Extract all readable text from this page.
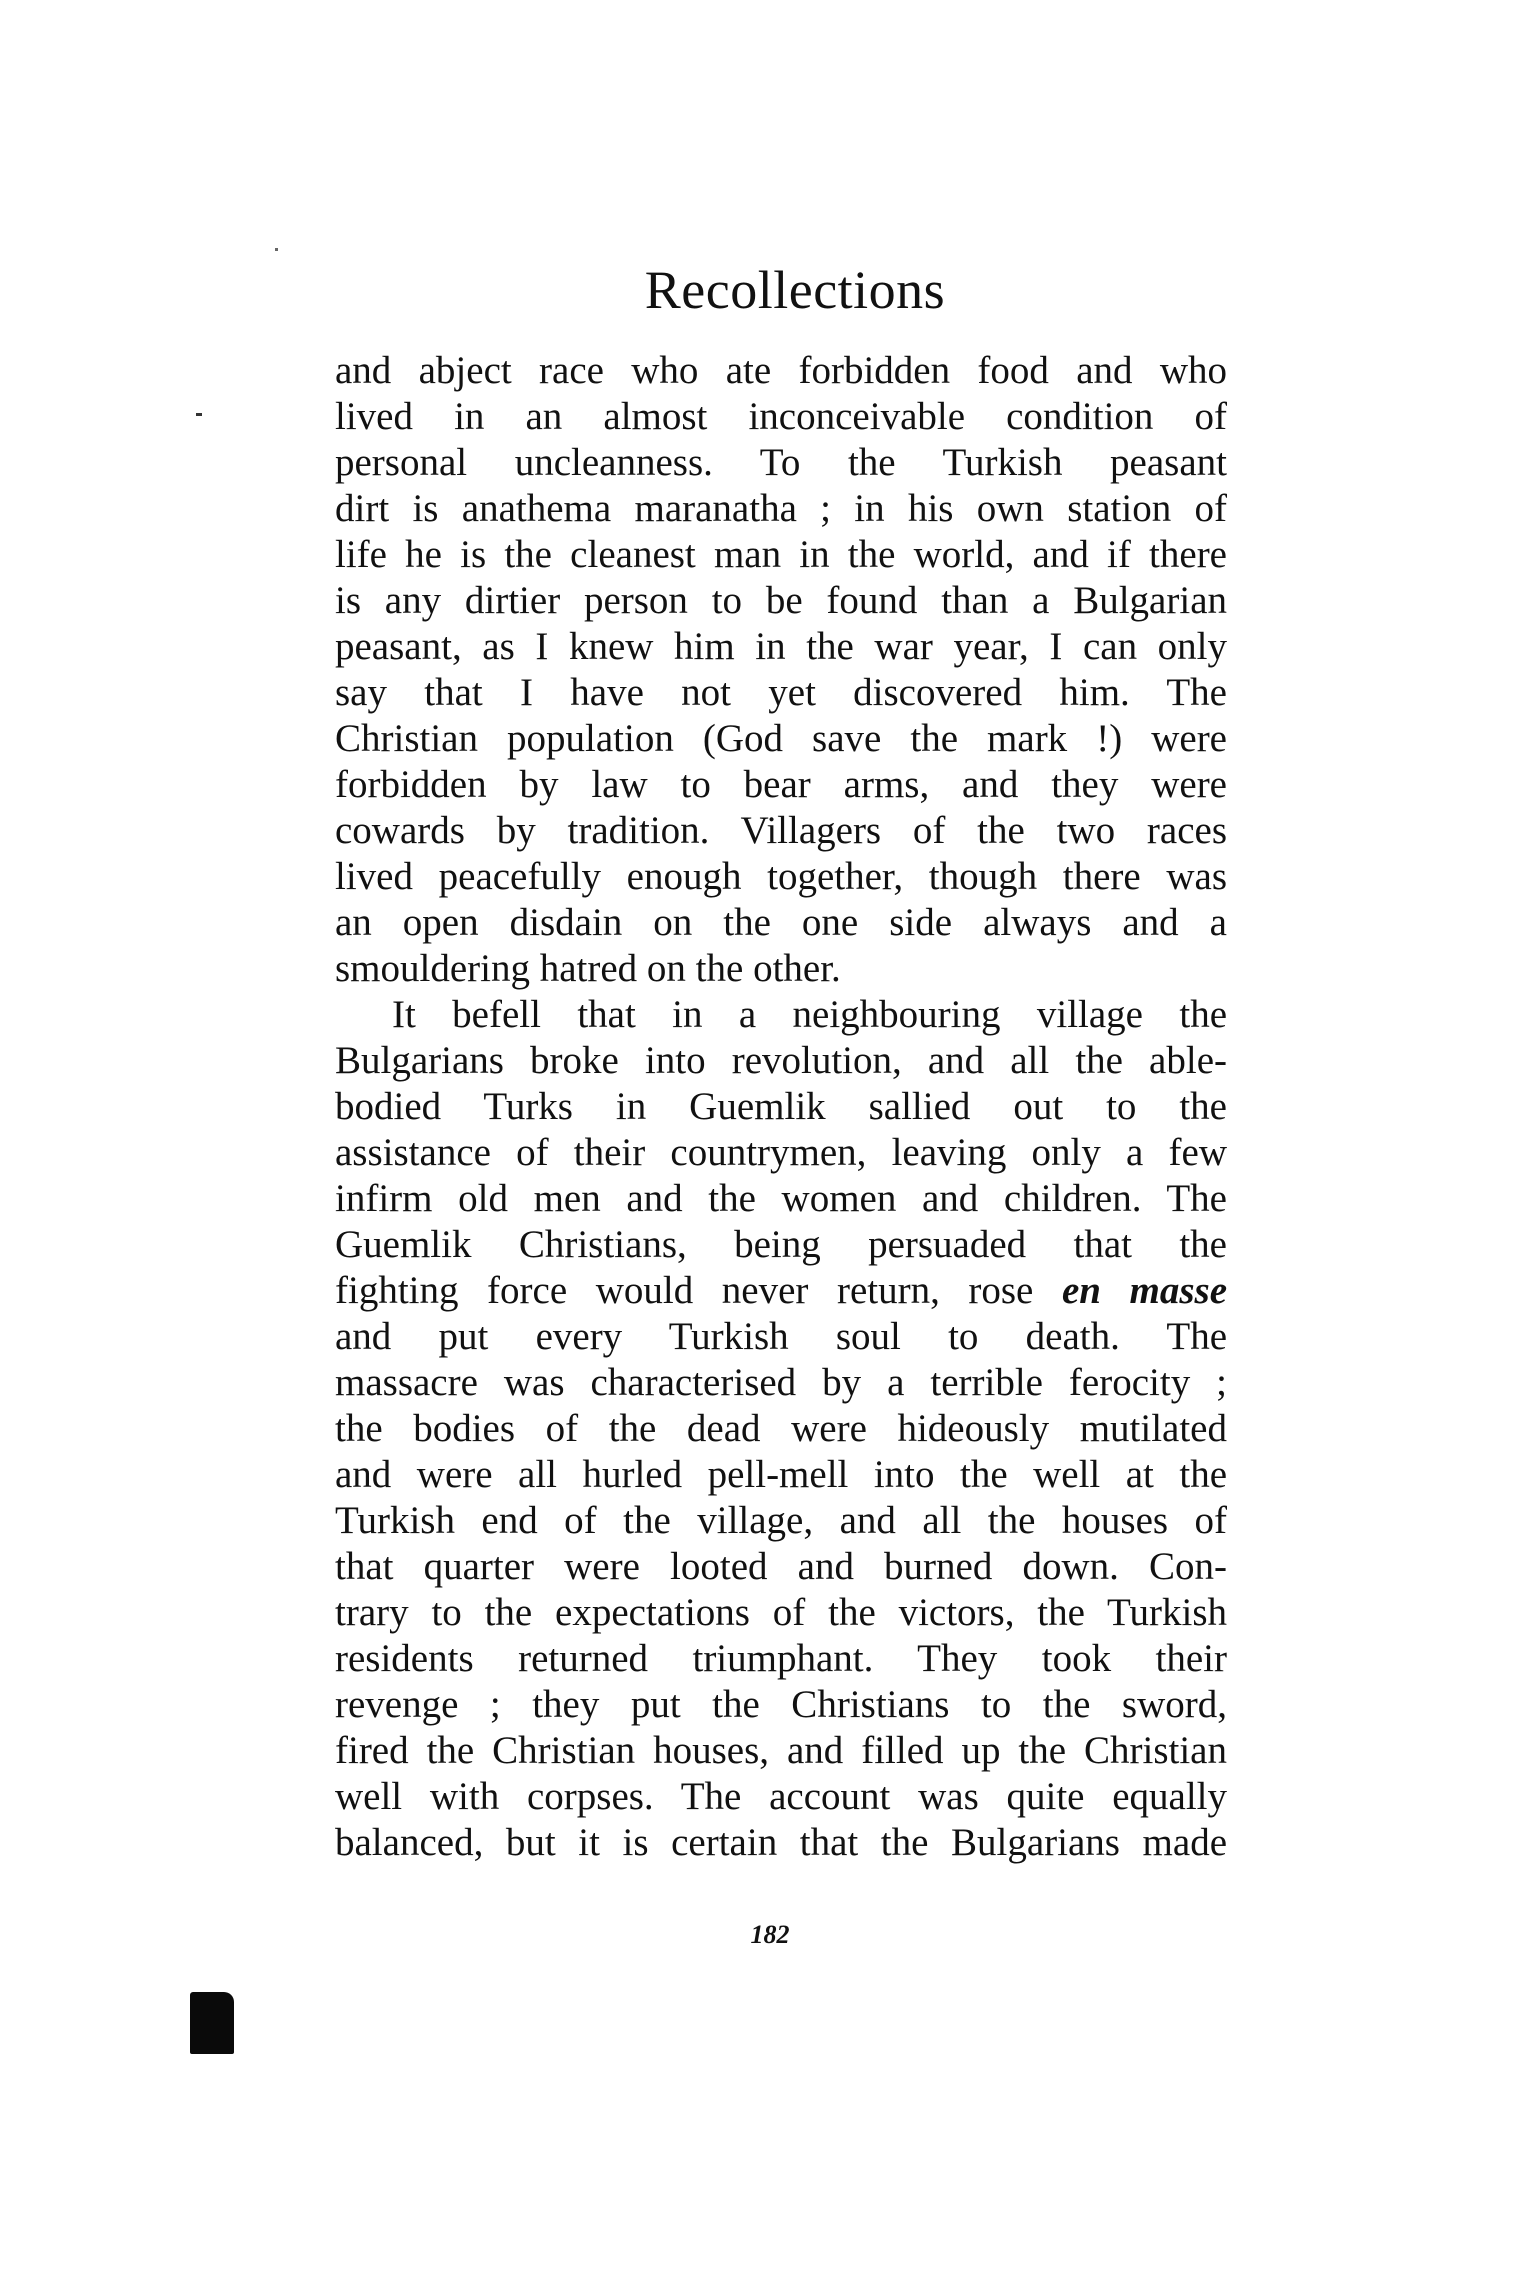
Recollections
and abject race who ate forbidden food and who
lived in an almost inconceivable condition of
personal uncleanness. To the Turkish peasant
dirt is anathema maranatha ; in his own station of
life he is the cleanest man in the world, and if there
is any dirtier person to be found than a Bulgarian
peasant, as I knew him in the war year, I can only
say that I have not yet discovered him. The
Christian population (God save the mark !) were
forbidden by law to bear arms, and they were
cowards by tradition. Villagers of the two races
lived peacefully enough together, though there was
an open disdain on the one side always and a
smouldering hatred on the other.
It befell that in a neighbouring village the
Bulgarians broke into revolution, and all the able-
bodied Turks in Guemlik sallied out to the
assistance of their countrymen, leaving only a few
infirm old men and the women and children. The
Guemlik Christians, being persuaded that the
fighting force would never return, rose en masse
and put every Turkish soul to death. The
massacre was characterised by a terrible ferocity ;
the bodies of the dead were hideously mutilated
and were all hurled pell-mell into the well at the
Turkish end of the village, and all the houses of
that quarter were looted and burned down. Con-
trary to the expectations of the victors, the Turkish
residents returned triumphant. They took their
revenge ; they put the Christians to the sword,
fired the Christian houses, and filled up the Christian
well with corpses. The account was quite equally
balanced, but it is certain that the Bulgarians made
182
